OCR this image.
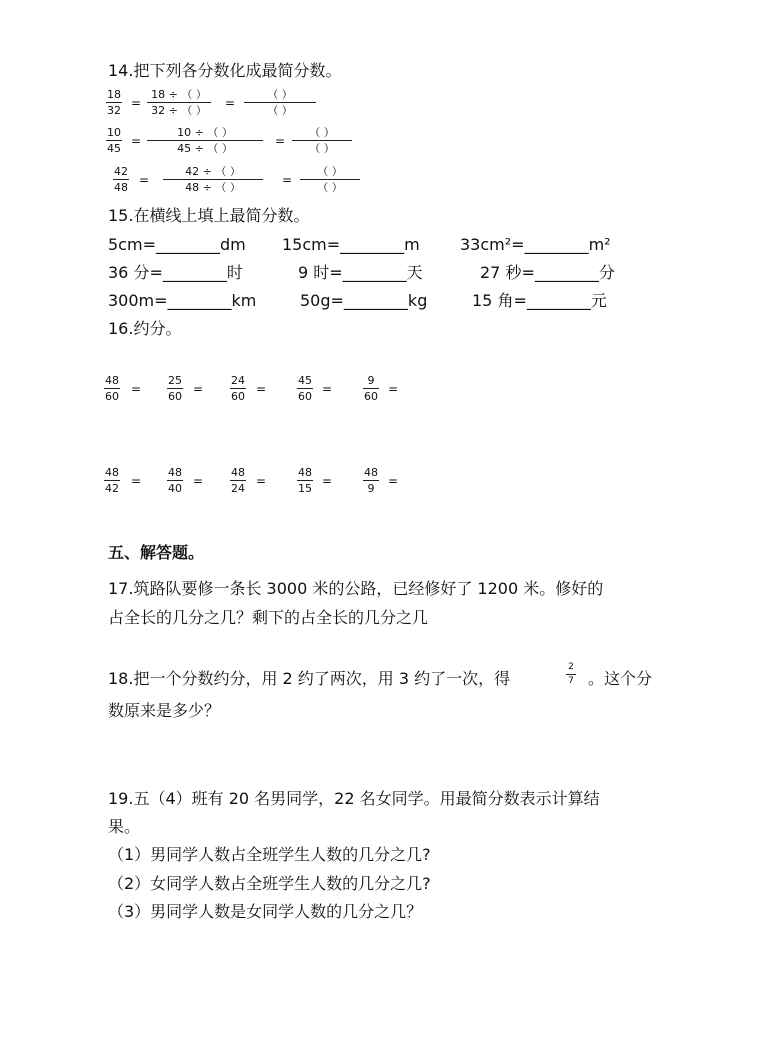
14.把下列各分数化成最简分数。
18
32
=
18 ÷ （ ）
32 ÷ （ ）
=
（ ）
（ ）
10
45
=
10 ÷ （ ）
45 ÷ （ ）
=
（ ）
（ ）
42
48
=
42 ÷ （ ）
48 ÷ （ ）
=
（ ）
（ ）
15.在横线上填上最简分数。
5cm=________dm 15cm=________m	33cm²=________m²
36 分=________时	9 时=________天	27 秒=________分
300m=________km	50g=________kg	15 角=________元
16.约分。
48
60
=
25
60
=
24
60
=
45
60
=
9
60
=
48
42
=
48
40
=
48
24
=
48
15
=
48
9
=
五、解答题。
17.筑路队要修一条长 3000 米的公路，已经修好了 1200 米。修好的
占全长的几分之几？剩下的占全长的几分之几
18.把一个分数约分，用 2 约了两次，用 3 约了一次，得
2
7 。这个分
数原来是多少？
19.五（4）班有 20 名男同学，22 名女同学。用最简分数表示计算结
果。
（1）男同学人数占全班学生人数的几分之几?
（2）女同学人数占全班学生人数的几分之几?
（3）男同学人数是女同学人数的几分之几？
